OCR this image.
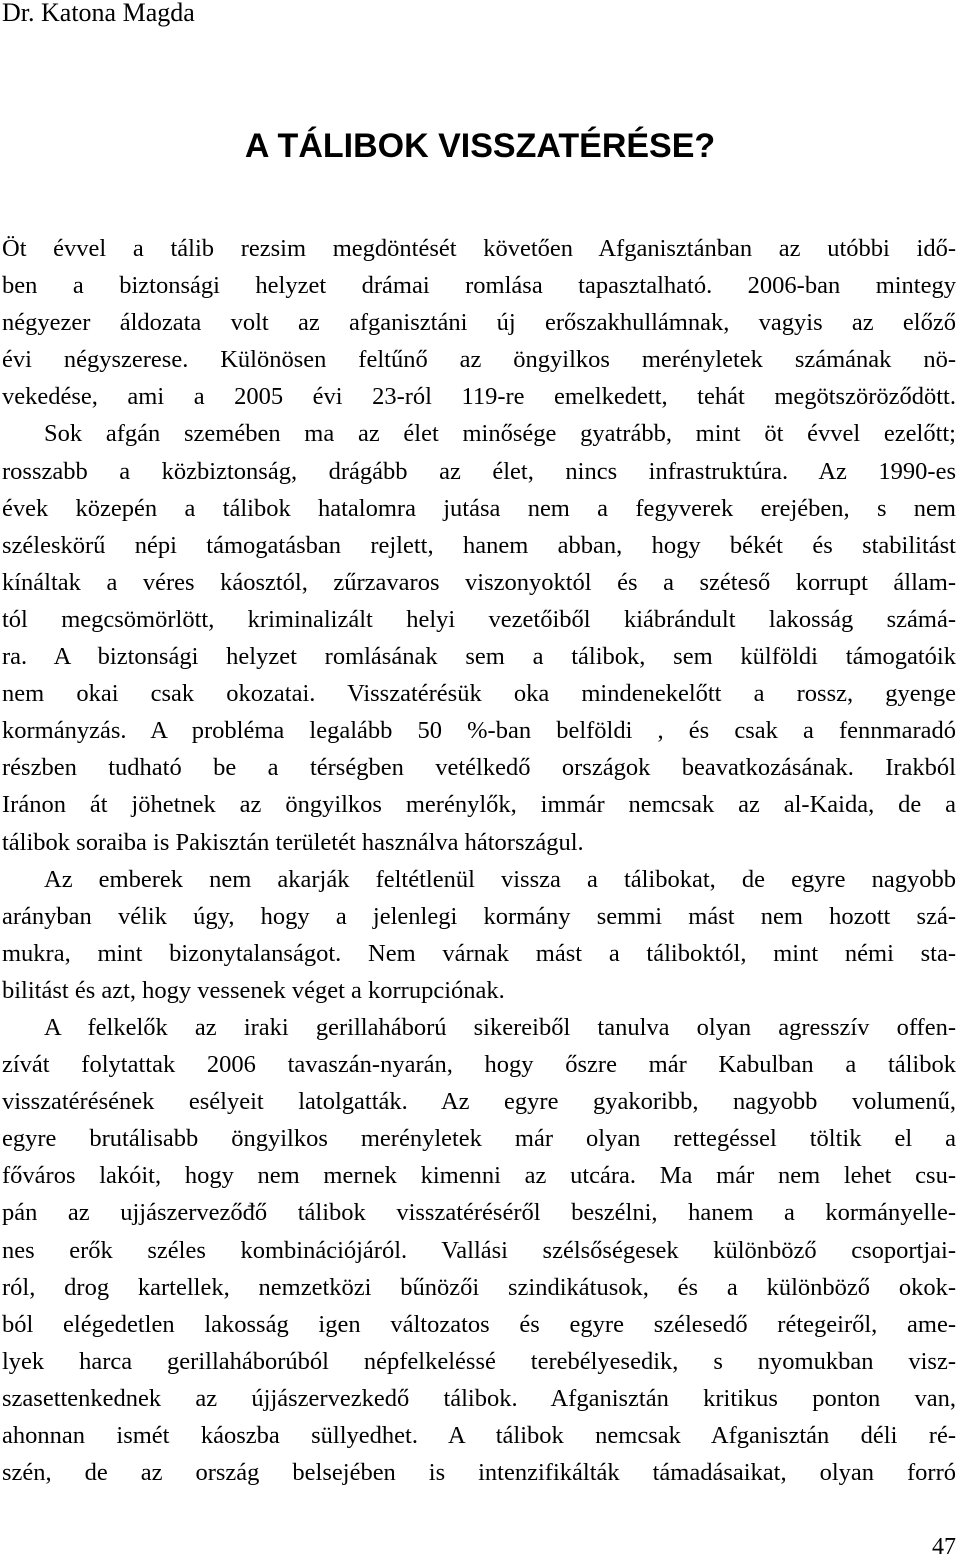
Dr. Katona Magda
A TÁLIBOK VISSZATÉRÉSE?
Öt évvel a tálib rezsim megdöntését követően Afganisztánban az utóbbi idő-
ben a biztonsági helyzet drámai romlása tapasztalható. 2006-ban mintegy
négyezer áldozata volt az afganisztáni új erőszakhullámnak, vagyis az előző
évi négyszerese. Különösen feltűnő az öngyilkos merényletek számának nö-
vekedése, ami a 2005 évi 23-ról 119-re emelkedett, tehát megötszöröződött.
Sok afgán szemében ma az élet minősége gyatrább, mint öt évvel ezelőtt;
rosszabb a közbiztonság, drágább az élet, nincs infrastruktúra. Az 1990-es
évek közepén a tálibok hatalomra jutása nem a fegyverek erejében, s nem
széleskörű népi támogatásban rejlett, hanem abban, hogy békét és stabilitást
kínáltak a véres káosztól, zűrzavaros viszonyoktól és a széteső korrupt állam-
tól megcsömörlött, kriminalizált helyi vezetőiből kiábrándult lakosság számá-
ra. A biztonsági helyzet romlásának sem a tálibok, sem külföldi támogatóik
nem okai csak okozatai. Visszatérésük oka mindenekelőtt a rossz, gyenge
kormányzás. A probléma legalább 50 %-ban belföldi , és csak a fennmaradó
részben tudható be a térségben vetélkedő országok beavatkozásának. Irakból
Iránon át jöhetnek az öngyilkos merénylők, immár nemcsak az al-Kaida, de a
tálibok soraiba is Pakisztán területét használva hátországul.
Az emberek nem akarják feltétlenül vissza a tálibokat, de egyre nagyobb
arányban vélik úgy, hogy a jelenlegi kormány semmi mást nem hozott szá-
mukra, mint bizonytalanságot. Nem várnak mást a táliboktól, mint némi sta-
bilitást és azt, hogy vessenek véget a korrupciónak.
A felkelők az iraki gerillaháború sikereiből tanulva olyan agresszív offen-
zívát folytattak 2006 tavaszán-nyarán, hogy őszre már Kabulban a tálibok
visszatérésének esélyeit latolgatták. Az egyre gyakoribb, nagyobb volumenű,
egyre brutálisabb öngyilkos merényletek már olyan rettegéssel töltik el a
főváros lakóit, hogy nem mernek kimenni az utcára. Ma már nem lehet csu-
pán az ujjászervezőđő tálibok visszatéréséről beszélni, hanem a kormányelle-
nes erők széles kombinációjáról. Vallási szélsőségesek különböző csoportjai-
ról, drog kartellek, nemzetközi bűnözői szindikátusok, és a különböző okok-
ból elégedetlen lakosság igen változatos és egyre szélesedő rétegeiről, ame-
lyek harca gerillaháborúból népfelkeléssé terebélyesedik, s nyomukban visz-
szasettenkednek az újjászervezkedő tálibok. Afganisztán kritikus ponton van,
ahonnan ismét káoszba süllyedhet. A tálibok nemcsak Afganisztán déli ré-
szén, de az ország belsejében is intenzifikálták támadásaikat, olyan forró
47
